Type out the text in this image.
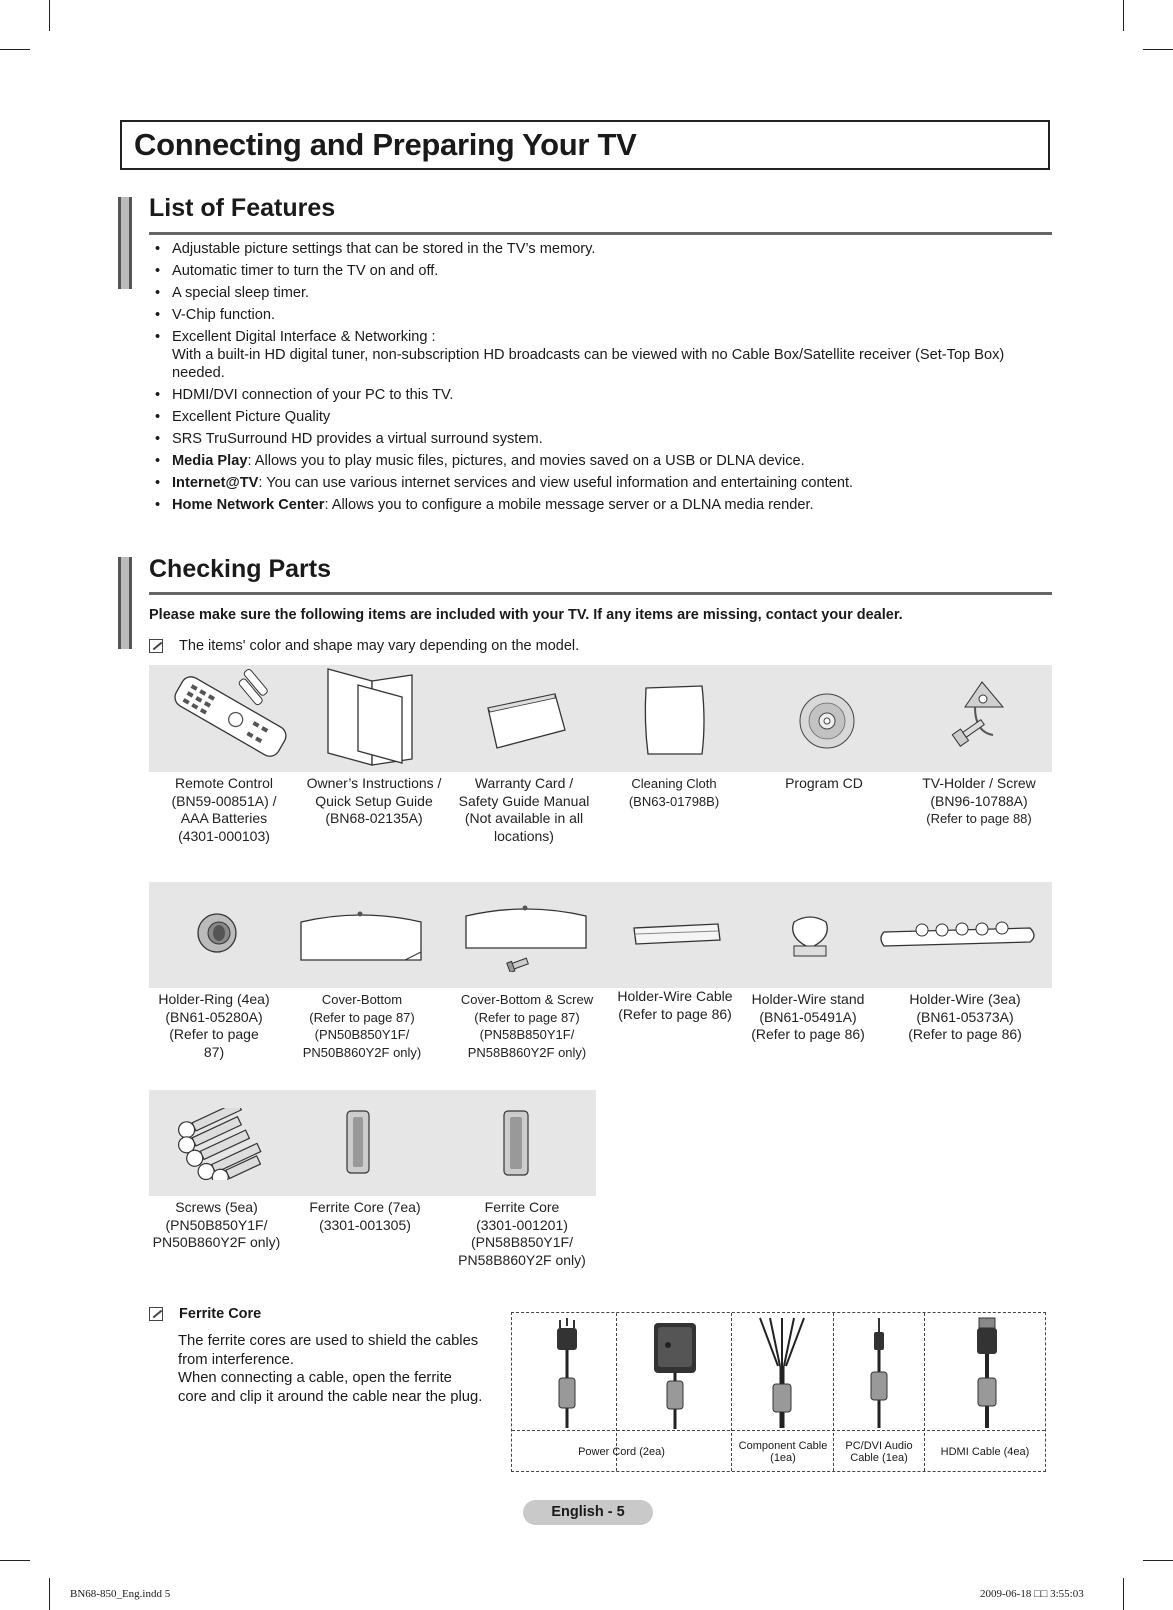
Connecting and Preparing Your TV
List of Features
• Adjustable picture settings that can be stored in the TV’s memory.
• Automatic timer to turn the TV on and off.
• A special sleep timer.
• V-Chip function.
• Excellent Digital Interface & Networking :
With a built-in HD digital tuner, non-subscription HD broadcasts can be viewed with no Cable Box/Satellite receiver (Set-Top Box) needed.
• HDMI/DVI connection of your PC to this TV.
• Excellent Picture Quality
• SRS TruSurround HD provides a virtual surround system.
• Media Play: Allows you to play music files, pictures, and movies saved on a USB or DLNA device.
• Internet@TV: You can use various internet services and view useful information and entertaining content.
• Home Network Center: Allows you to configure a mobile message server or a DLNA media render.
Checking Parts
Please make sure the following items are included with your TV. If any items are missing, contact your dealer.
The items' color and shape may vary depending on the model.
Remote Control
(BN59-00851A) /
AAA Batteries
(4301-000103)
Owner’s Instructions /
Quick Setup Guide
(BN68-02135A)
Warranty Card /
Safety Guide Manual
(Not available in all
locations)
Cleaning Cloth
(BN63-01798B)
Program CD	TV-Holder / Screw
(BN96-10788A)
(Refer to page 88)
Holder-Ring (4ea)
(BN61-05280A)
(Refer to page
87)
Cover-Bottom
(Refer to page 87)
(PN50B850Y1F/
PN50B860Y2F only)
Cover-Bottom & Screw
(Refer to page 87)
(PN58B850Y1F/
PN58B860Y2F only)
Holder-Wire Cable
(Refer to page 86)
Holder-Wire stand
(BN61-05491A)
(Refer to page 86)
Holder-Wire (3ea)
(BN61-05373A)
(Refer to page 86)
Screws (5ea)
(PN50B850Y1F/
PN50B860Y2F only)
Ferrite Core (7ea)
(3301-001305)
Ferrite Core
(3301-001201)
(PN58B850Y1F/
PN58B860Y2F only)
Ferrite Core
The ferrite cores are used to shield the cables
from interference.
When connecting a cable, open the ferrite
core and clip it around the cable near the plug.
Power Cord (2ea)	Component Cable (1ea)
PC/DVI Audio Cable (1ea)	HDMI Cable (4ea)
English - 5
BN68-850_Eng.indd 5	2009-06-18 □□ 3:55:03
